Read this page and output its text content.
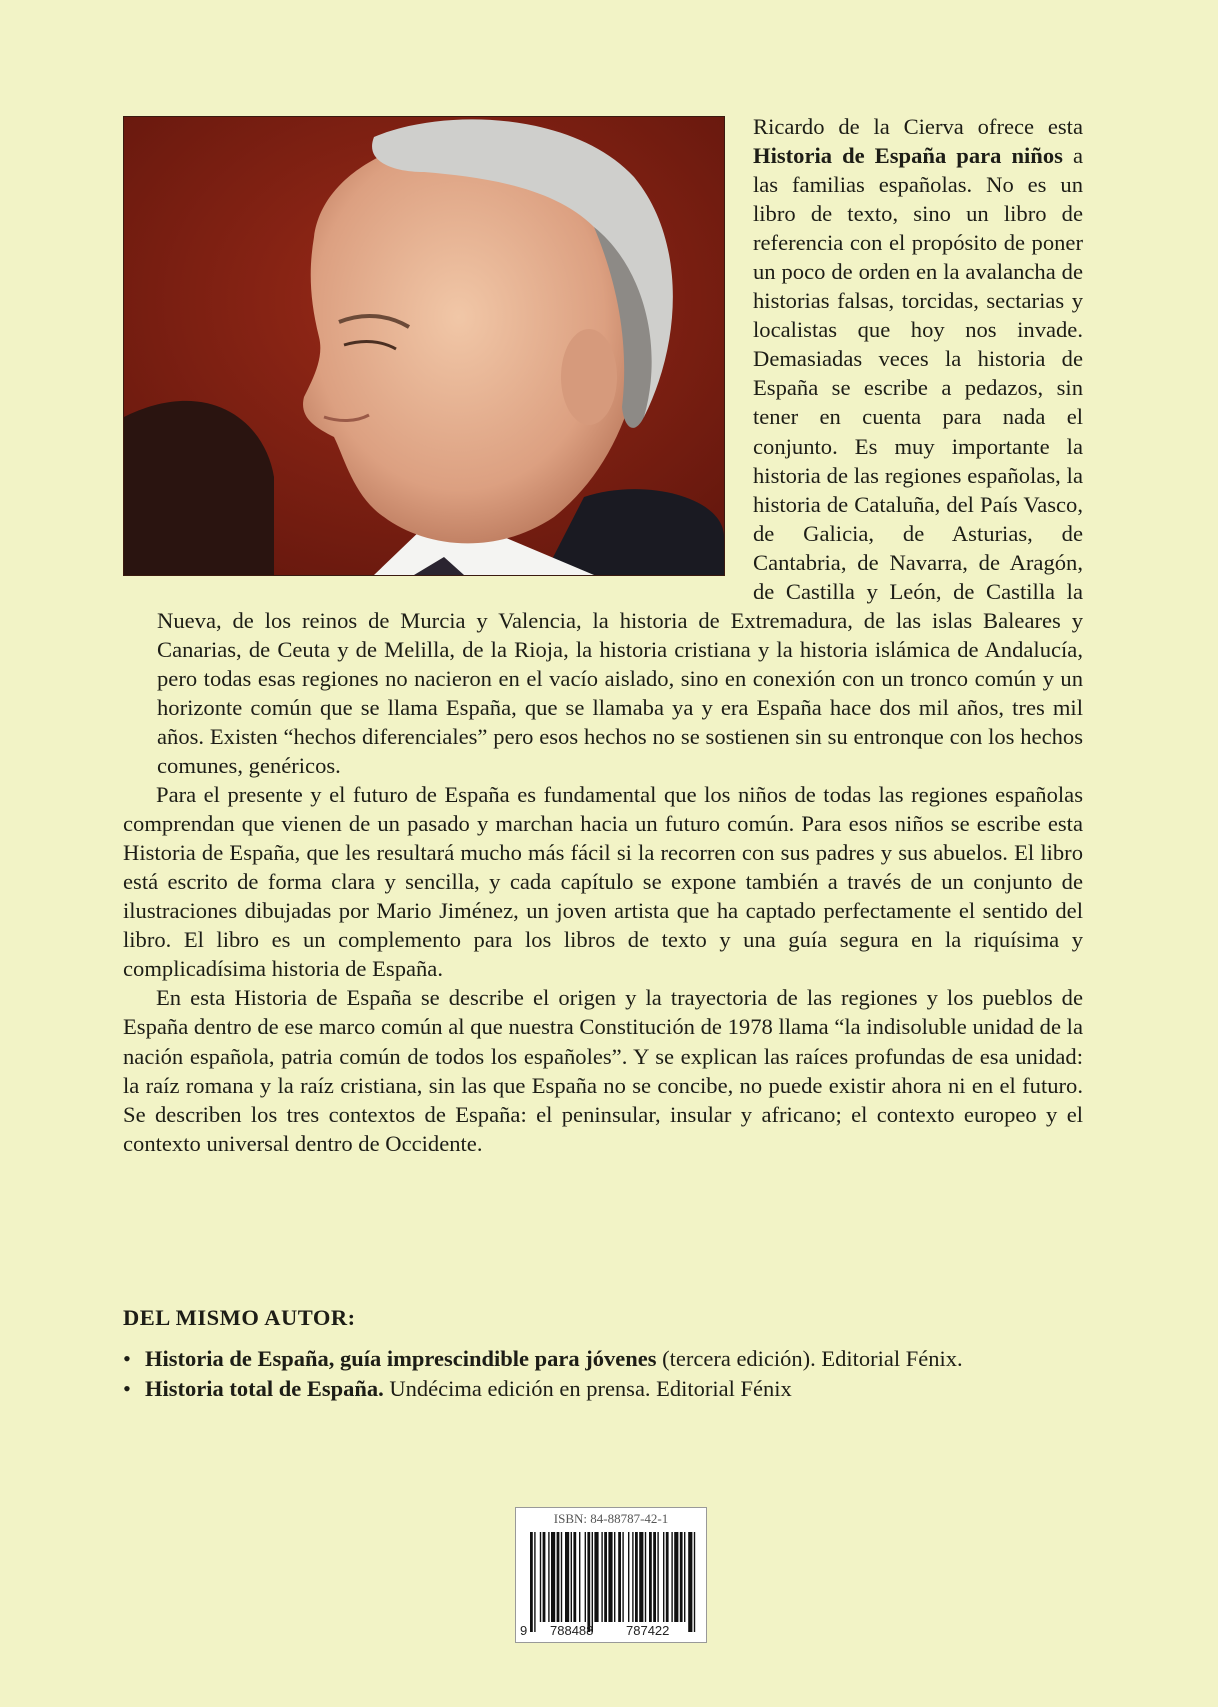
Ricardo de la Cierva ofrece esta Historia de España para niños a las familias españolas. No es un libro de texto, sino un libro de referencia con el propósito de poner un poco de orden en la avalancha de historias falsas, torcidas, sectarias y localistas que hoy nos invade. Demasiadas veces la historia de España se escribe a pedazos, sin tener en cuenta para nada el conjunto. Es muy importante la historia de las regiones españolas, la historia de Cataluña, del País Vasco, de Galicia, de Asturias, de Cantabria, de Navarra, de Aragón, de Castilla y León, de Castilla la Nueva, de los reinos de Murcia y Valencia, la historia de Extremadura, de las islas Baleares y Canarias, de Ceuta y de Melilla, de la Rioja, la historia cristiana y la historia islámica de Andalucía, pero todas esas regiones no nacieron en el vacío aislado, sino en conexión con un tronco común y un horizonte común que se llama España, que se llamaba ya y era España hace dos mil años, tres mil años. Existen “hechos diferenciales” pero esos hechos no se sostienen sin su entronque con los hechos comunes, genéricos.

Para el presente y el futuro de España es fundamental que los niños de todas las regiones españolas comprendan que vienen de un pasado y marchan hacia un futuro común. Para esos niños se escribe esta Historia de España, que les resultará mucho más fácil si la recorren con sus padres y sus abuelos. El libro está escrito de forma clara y sencilla, y cada capítulo se expone también a través de un conjunto de ilustraciones dibujadas por Mario Jiménez, un joven artista que ha captado perfectamente el sentido del libro. El libro es un complemento para los libros de texto y una guía segura en la riquísima y complicadísima historia de España.

En esta Historia de España se describe el origen y la trayectoria de las regiones y los pueblos de España dentro de ese marco común al que nuestra Constitución de 1978 llama “la indisoluble unidad de la nación española, patria común de todos los españoles”. Y se explican las raíces profundas de esa unidad: la raíz romana y la raíz cristiana, sin las que España no se concibe, no puede existir ahora ni en el futuro. Se describen los tres contextos de España: el peninsular, insular y africano; el contexto europeo y el contexto universal dentro de Occidente.

DEL MISMO AUTOR:
• Historia de España, guía imprescindible para jóvenes (tercera edición). Editorial Fénix.
• Historia total de España. Undécima edición en prensa. Editorial Fénix
ISBN: 84-88787-42-1
9 788488	787422
